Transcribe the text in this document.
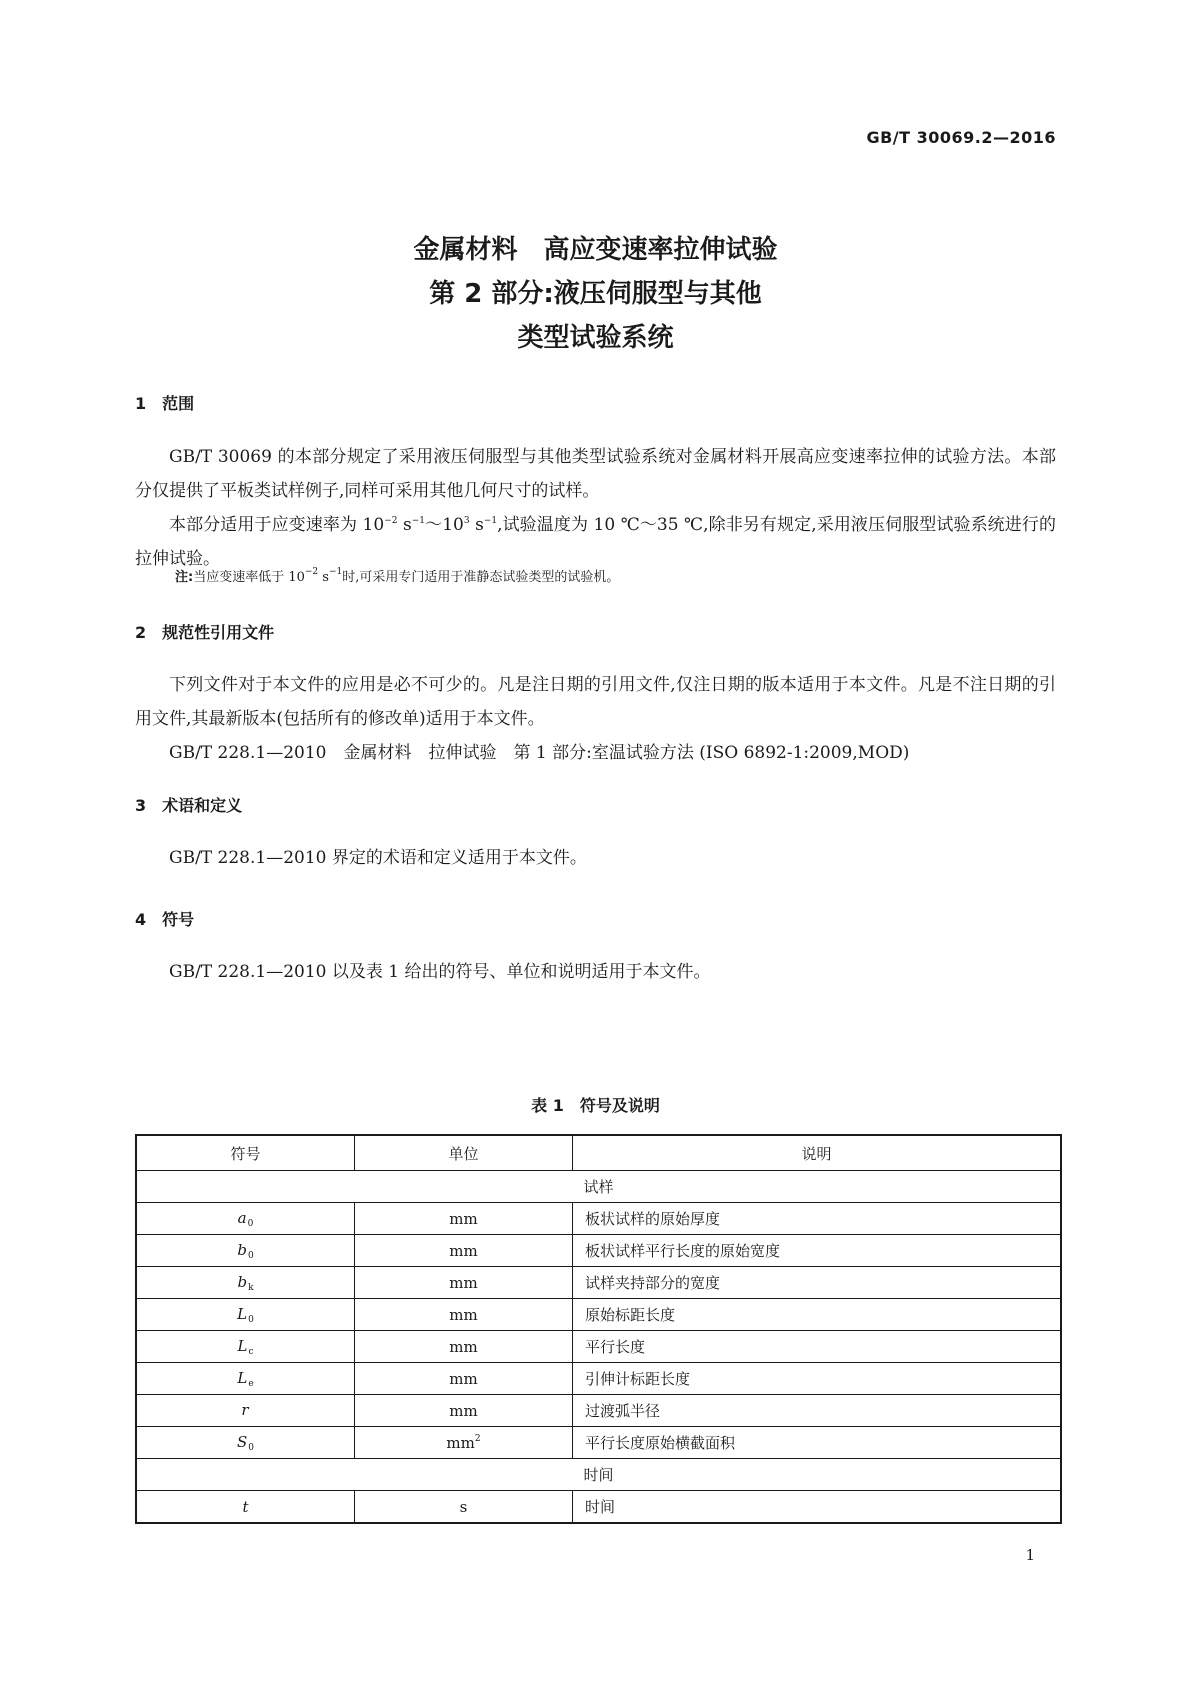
GB/T 30069.2—2016
金属材料　高应变速率拉伸试验
第 2 部分:液压伺服型与其他
类型试验系统
1　范围

GB/T 30069 的本部分规定了采用液压伺服型与其他类型试验系统对金属材料开展高应变速率拉伸的试验方法。本部分仅提供了平板类试样例子,同样可采用其他几何尺寸的试样。

本部分适用于应变速率为 $10^{-2}$ $s^{-1}\sim 10^3$ $s^{-1}$,试验温度为 10 ℃～35 ℃,除非另有规定,采用液压伺服型试验系统进行的拉伸试验。

注:当应变速率低于 $10^{-2}$ $s^{-1}$时,可采用专门适用于准静态试验类型的试验机。
2　规范性引用文件

下列文件对于本文件的应用是必不可少的。凡是注日期的引用文件,仅注日期的版本适用于本文件。凡是不注日期的引用文件,其最新版本(包括所有的修改单)适用于本文件。

GB/T 228.1—2010　金属材料　拉伸试验　第 1 部分:室温试验方法 (ISO 6892-1:2009,MOD)

3　术语和定义

GB/T 228.1—2010 界定的术语和定义适用于本文件。

4　符号

GB/T 228.1—2010 以及表 1 给出的符号、单位和说明适用于本文件。

表 1　符号及说明
符号	单位	说明
试样		
$a_0$	mm	板状试样的原始厚度
$b_0$	mm	板状试样平行长度的原始宽度
$b_k$	mm	试样夹持部分的宽度
$L_0$	mm	原始标距长度
$L_c$	mm	平行长度
$L_e$	mm	引伸计标距长度
r	mm	过渡弧半径
$S_0$	$mm^2$	平行长度原始横截面积
时间		
t	s	时间
1
